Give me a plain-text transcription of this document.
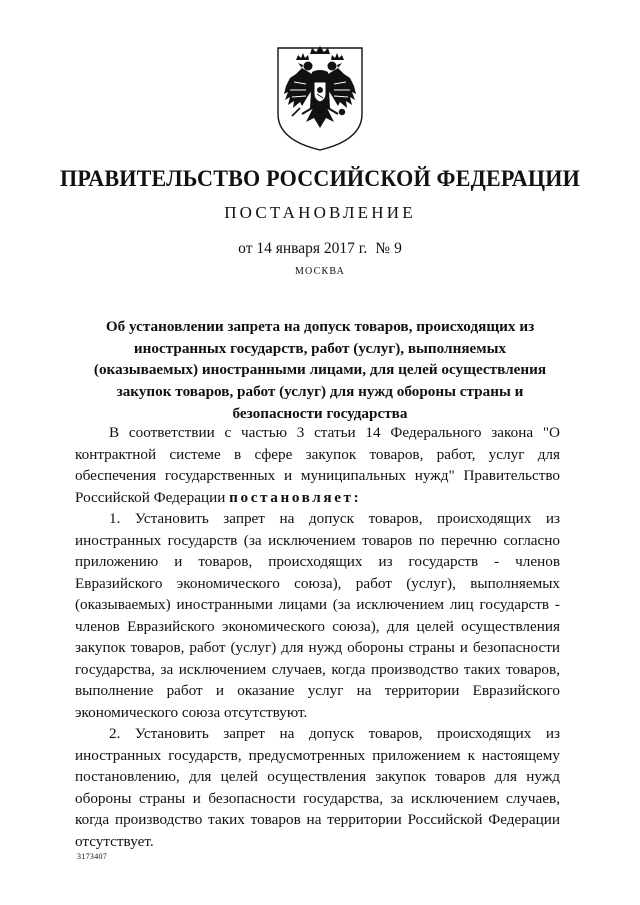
ПРАВИТЕЛЬСТВО РОССИЙСКОЙ ФЕДЕРАЦИИ
ПОСТАНОВЛЕНИЕ
от 14 января 2017 г. № 9
МОСКВА
Об установлении запрета на допуск товаров, происходящих из иностранных государств, работ (услуг), выполняемых (оказываемых) иностранными лицами, для целей осуществления закупок товаров, работ (услуг) для нужд обороны страны и безопасности государства

В соответствии с частью 3 статьи 14 Федерального закона "О контрактной системе в сфере закупок товаров, работ, услуг для обеспечения государственных и муниципальных нужд" Правительство Российской Федерации постановляет:

1. Установить запрет на допуск товаров, происходящих из иностранных государств (за исключением товаров по перечню согласно приложению и товаров, происходящих из государств - членов Евразийского экономического союза), работ (услуг), выполняемых (оказываемых) иностранными лицами (за исключением лиц государств - членов Евразийского экономического союза), для целей осуществления закупок товаров, работ (услуг) для нужд обороны страны и безопасности государства, за исключением случаев, когда производство таких товаров, выполнение работ и оказание услуг на территории Евразийского экономического союза отсутствуют.

2. Установить запрет на допуск товаров, происходящих из иностранных государств, предусмотренных приложением к настоящему постановлению, для целей осуществления закупок товаров для нужд обороны страны и безопасности государства, за исключением случаев, когда производство таких товаров на территории Российской Федерации отсутствует.

3173407
